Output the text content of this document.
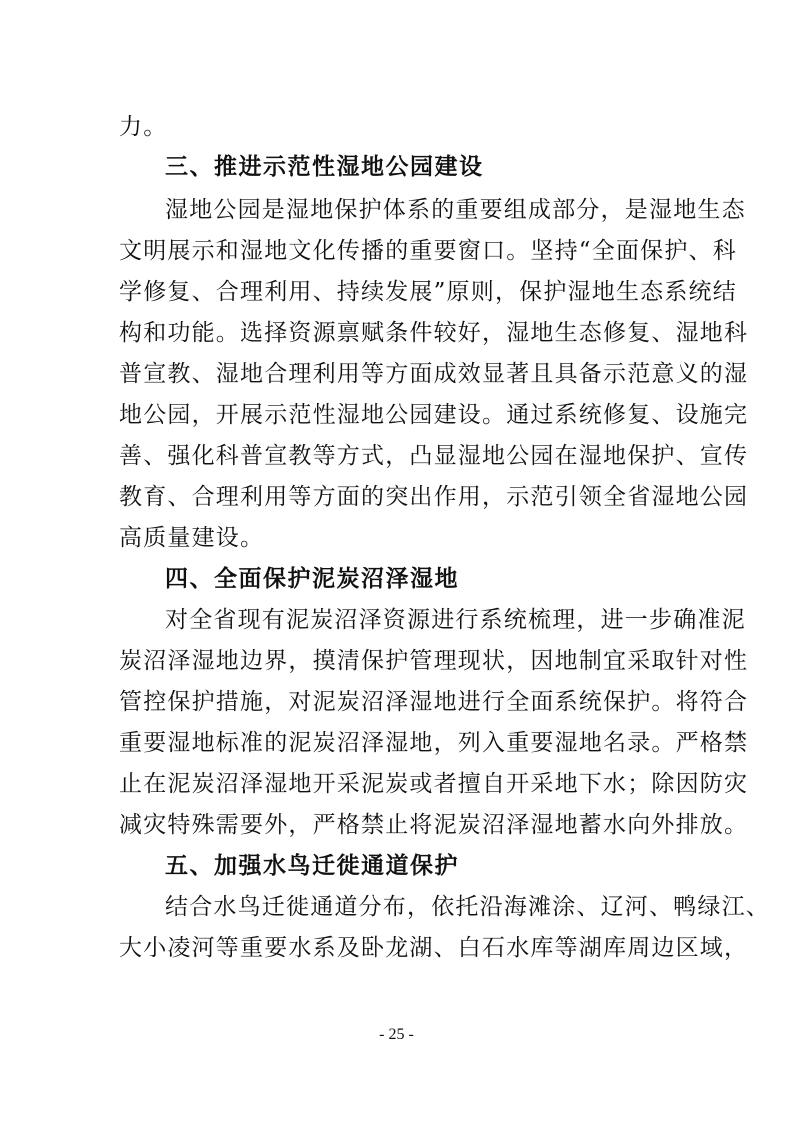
力。
三、推进示范性湿地公园建设
湿地公园是湿地保护体系的重要组成部分，是湿地生态
文明展示和湿地文化传播的重要窗口。坚持“全面保护、科
学修复、合理利用、持续发展”原则，保护湿地生态系统结
构和功能。选择资源禀赋条件较好，湿地生态修复、湿地科
普宣教、湿地合理利用等方面成效显著且具备示范意义的湿
地公园，开展示范性湿地公园建设。通过系统修复、设施完
善、强化科普宣教等方式，凸显湿地公园在湿地保护、宣传
教育、合理利用等方面的突出作用，示范引领全省湿地公园
高质量建设。
四、全面保护泥炭沼泽湿地
对全省现有泥炭沼泽资源进行系统梳理，进一步确准泥
炭沼泽湿地边界，摸清保护管理现状，因地制宜采取针对性
管控保护措施，对泥炭沼泽湿地进行全面系统保护。将符合
重要湿地标准的泥炭沼泽湿地，列入重要湿地名录。严格禁
止在泥炭沼泽湿地开采泥炭或者擅自开采地下水；除因防灾
减灾特殊需要外，严格禁止将泥炭沼泽湿地蓄水向外排放。
五、加强水鸟迁徙通道保护
结合水鸟迁徙通道分布，依托沿海滩涂、辽河、鸭绿江、
大小凌河等重要水系及卧龙湖、白石水库等湖库周边区域，
- 25 -
